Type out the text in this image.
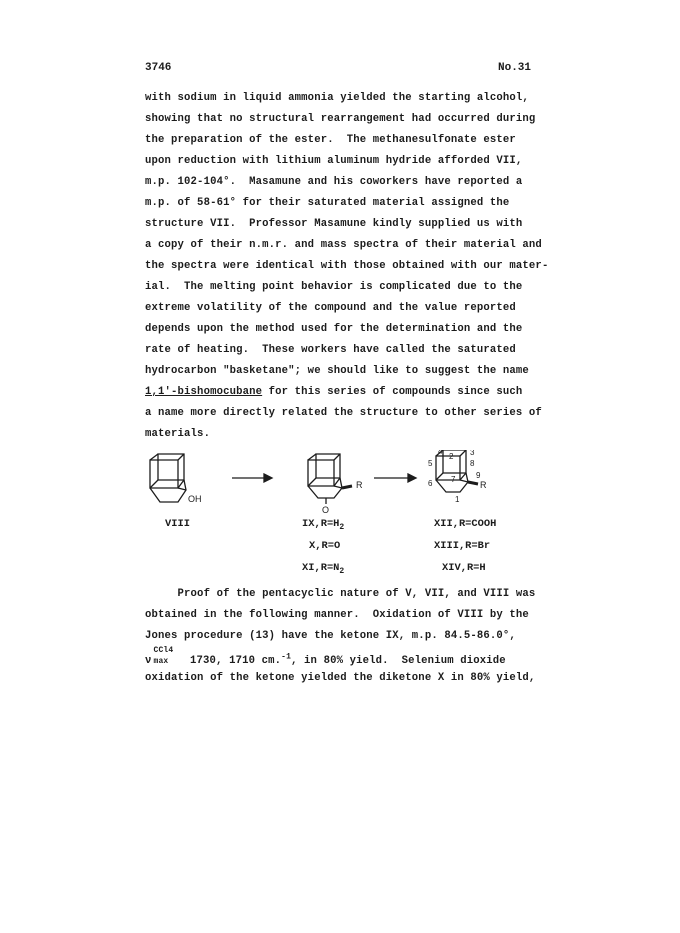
3746	No.31
with sodium in liquid ammonia yielded the starting alcohol,
showing that no structural rearrangement had occurred during
the preparation of the ester.  The methanesulfonate ester
upon reduction with lithium aluminum hydride afforded VII,
m.p. 102-104°.  Masamune and his coworkers have reported a
m.p. of 58-61° for their saturated material assigned the
structure VII.  Professor Masamune kindly supplied us with
a copy of their n.m.r. and mass spectra of their material and
the spectra were identical with those obtained with our mater-
ial.  The melting point behavior is complicated due to the
extreme volatility of the compound and the value reported
depends upon the method used for the determination and the
rate of heating.  These workers have called the saturated
hydrocarbon "basketane"; we should like to suggest the name
1,1'-bishomocubane for this series of compounds since such
a name more directly related the structure to other series of
materials.
OH
R
O
R
1
2 3
4
5
6 7
8
9
VIII	$IX,R=H_2$
X,R=O
$XI,R=N_2$
XII,R=COOH
XIII,R=Br
XIV,R=H
Proof of the pentacyclic nature of V, VII, and VIII was
obtained in the following manner.  Oxidation of VIII by the
Jones procedure (13) have the ketone IX, m.p. 84.5-86.0°,
ν
CCl4
max 1730, 1710 cm.$^{-1}$, in 80% yield.  Selenium dioxide
oxidation of the ketone yielded the diketone X in 80% yield,
